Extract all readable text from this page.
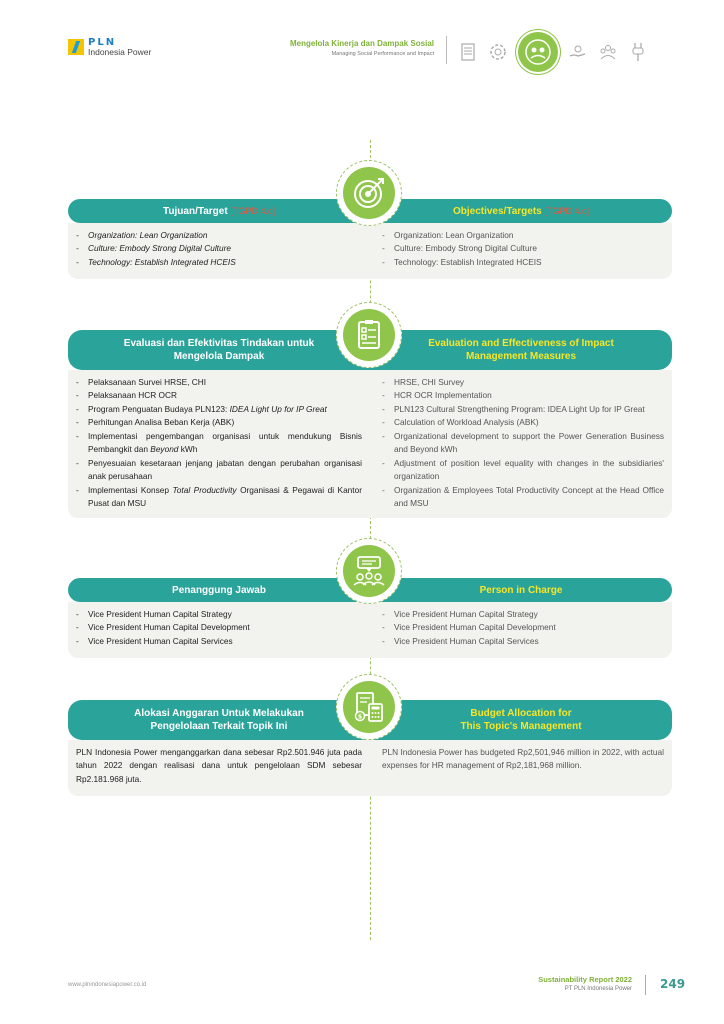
PLN
Indonesia Power
Mengelola Kinerja dan Dampak Sosial
Managing Social Performance and Impact
Tujuan/Target [TGPD 4.c]	Objectives/Targets [TGPD 4.c]
- Organization: Lean Organization
- Culture: Embody Strong Digital Culture
- Technology: Establish Integrated HCEIS
- Organization: Lean Organization
- Culture: Embody Strong Digital Culture
- Technology: Establish Integrated HCEIS
Evaluasi dan Efektivitas Tindakan untuk
Mengelola Dampak
Evaluation and Effectiveness of Impact
Management Measures
- Pelaksanaan Survei HRSE, CHI
- Pelaksanaan HCR OCR
- Program Penguatan Budaya PLN123: IDEA Light Up for IP Great
- Perhitungan Analisa Beban Kerja (ABK)
- Implementasi pengembangan organisasi untuk mendukung Bisnis Pembangkit dan Beyond kWh
- Penyesuaian kesetaraan jenjang jabatan dengan perubahan organisasi anak perusahaan
- Implementasi Konsep Total Productivity Organisasi & Pegawai di Kantor Pusat dan MSU
- HRSE, CHI Survey
- HCR OCR Implementation
- PLN123 Cultural Strengthening Program: IDEA Light Up for IP Great
- Calculation of Workload Analysis (ABK)
- Organizational development to support the Power Generation Business and Beyond kWh
- Adjustment of position level equality with changes in the subsidiaries' organization
- Organization & Employees Total Productivity Concept at the Head Office and MSU
Penanggung Jawab	Person in Charge
- Vice President Human Capital Strategy
- Vice President Human Capital Development
- Vice President Human Capital Services
- Vice President Human Capital Strategy
- Vice President Human Capital Development
- Vice President Human Capital Services
Alokasi Anggaran Untuk Melakukan
Pengelolaan Terkait Topik Ini
Budget Allocation for
This Topic's Management

PLN Indonesia Power menganggarkan dana sebesar Rp2.501.946 juta pada tahun 2022 dengan realisasi dana untuk pengelolaan SDM sebesar Rp2.181.968 juta.

PLN Indonesia Power has budgeted Rp2,501,946 million in 2022, with actual expenses for HR management of Rp2,181,968 million.

$
www.plnindonesiapower.co.id
Sustainability Report 2022
PT PLN Indonesia Power 249
